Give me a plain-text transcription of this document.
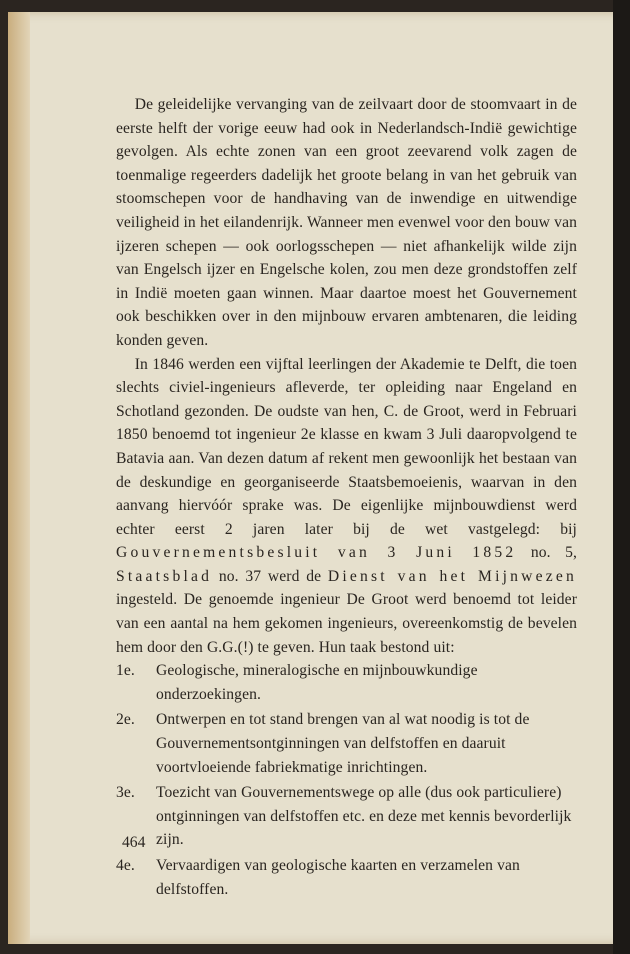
De geleidelijke vervanging van de zeilvaart door de stoomvaart in de eerste helft der vorige eeuw had ook in Nederlandsch-Indië gewichtige gevolgen. Als echte zonen van een groot zeevarend volk zagen de toenmalige regeerders dadelijk het groote belang in van het gebruik van stoomschepen voor de handhaving van de inwendige en uitwendige veiligheid in het eilandenrijk. Wanneer men evenwel voor den bouw van ijzeren schepen — ook oorlogsschepen — niet afhankelijk wilde zijn van Engelsch ijzer en Engelsche kolen, zou men deze grondstoffen zelf in Indië moeten gaan winnen. Maar daartoe moest het Gouvernement ook beschikken over in den mijnbouw ervaren ambtenaren, die leiding konden geven.

In 1846 werden een vijftal leerlingen der Akademie te Delft, die toen slechts civiel-ingenieurs afleverde, ter opleiding naar Engeland en Schotland gezonden. De oudste van hen, C. de Groot, werd in Februari 1850 benoemd tot ingenieur 2e klasse en kwam 3 Juli daaropvolgend te Batavia aan. Van dezen datum af rekent men gewoonlijk het bestaan van de deskundige en georganiseerde Staatsbemoeienis, waarvan in den aanvang hiervóór sprake was. De eigenlijke mijnbouwdienst werd echter eerst 2 jaren later bij de wet vastgelegd: bij Gouvernementsbesluit van 3 Juni 1852 no. 5, Staatsblad no. 37 werd de Dienst van het Mijnwezen ingesteld. De genoemde ingenieur De Groot werd benoemd tot leider van een aantal na hem gekomen ingenieurs, overeenkomstig de bevelen hem door den G.G.(!) te geven. Hun taak bestond uit:

1e. Geologische, mineralogische en mijnbouwkundige onderzoekingen.
2e. Ontwerpen en tot stand brengen van al wat noodig is tot de Gouvernementsontginningen van delfstoffen en daaruit voortvloeiende fabriekmatige inrichtingen.
3e. Toezicht van Gouvernementswege op alle (dus ook particuliere) ontginningen van delfstoffen etc. en deze met kennis bevorderlijk zijn.
4e. Vervaardigen van geologische kaarten en verzamelen van delfstoffen.
464
